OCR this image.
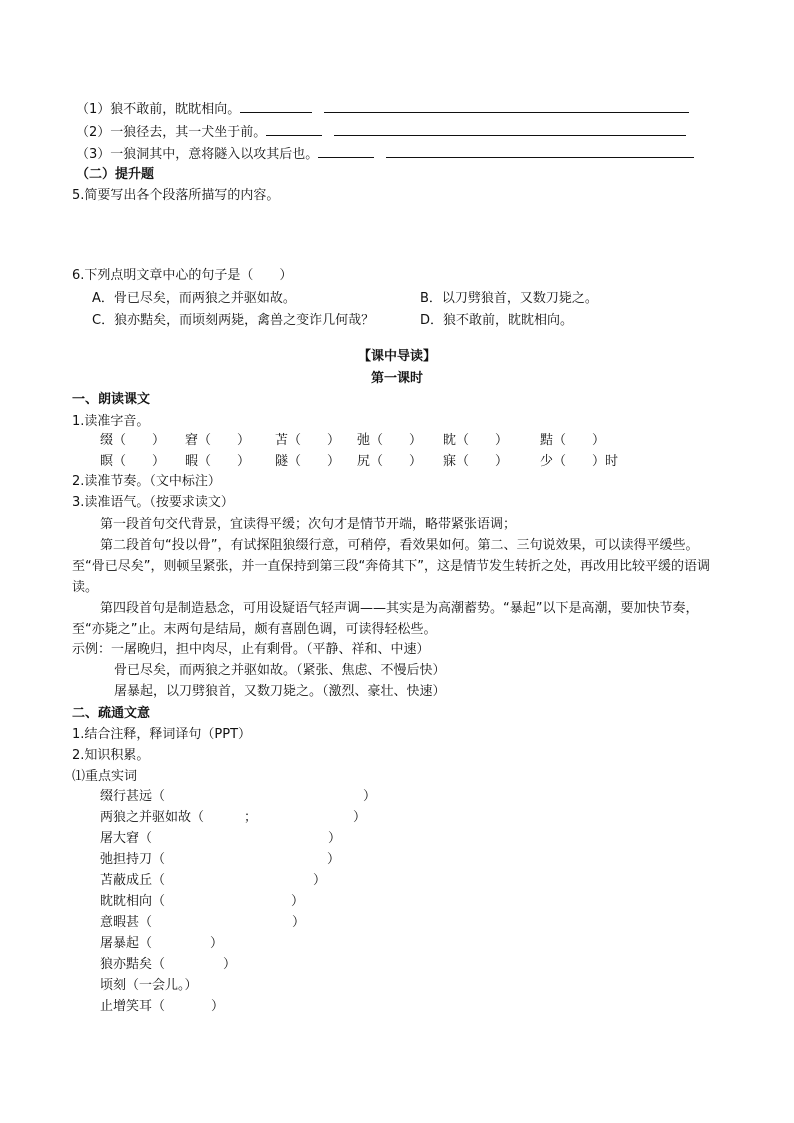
（1）狼不敢前，眈眈相向。
（2）一狼径去，其一犬坐于前。
（3）一狼洞其中，意将隧入以攻其后也。
（二）提升题
5.简要写出各个段落所描写的内容。
6.下列点明文章中心的句子是（　　）
A．骨已尽矣，而两狼之并驱如故。	B．以刀劈狼首，又数刀毙之。
C．狼亦黠矣，而顷刻两毙，禽兽之变诈几何哉？	D．狼不敢前，眈眈相向。
【课中导读】
第一课时
一、朗读课文
1.读准字音。
缀（　　） 窘（　　） 苫（　　） 弛（　　） 眈（　　） 黠（　　）
瞑（　　） 暇（　　） 隧（　　） 尻（　　） 寐（　　） 少（　　）时
2.读准节奏。（文中标注）
3.读准语气。（按要求读文）
第一段首句交代背景，宜读得平缓；次句才是情节开端，略带紧张语调；
第二段首句“投以骨”，有试探阻狼缀行意，可稍停，看效果如何。第二、三句说效果，可以读得平缓些。至“骨已尽矣”，则顿呈紧张，并一直保持到第三段“奔倚其下”，这是情节发生转折之处，再改用比较平缓的语调读。
第四段首句是制造悬念，可用设疑语气轻声调——其实是为高潮蓄势。“暴起”以下是高潮，要加快节奏，至“亦毙之”止。末两句是结局，颇有喜剧色调，可读得轻松些。
示例：一屠晚归，担中肉尽，止有剩骨。（平静、祥和、中速）
骨已尽矣，而两狼之并驱如故。（紧张、焦虑、不慢后快）
屠暴起，以刀劈狼首，又数刀毙之。（激烈、豪壮、快速）
二、疏通文意
1.结合注释，释词译句（PPT）
2.知识积累。
⑴重点实词
缀行甚远（	）
两狼之并驱如故（	；	）
屠大窘（	）
弛担持刀（	）
苫蔽成丘（	）
眈眈相向（	）
意暇甚（	）
屠暴起（	）
狼亦黠矣（	）
顷刻（一会儿。）
止增笑耳（	）
